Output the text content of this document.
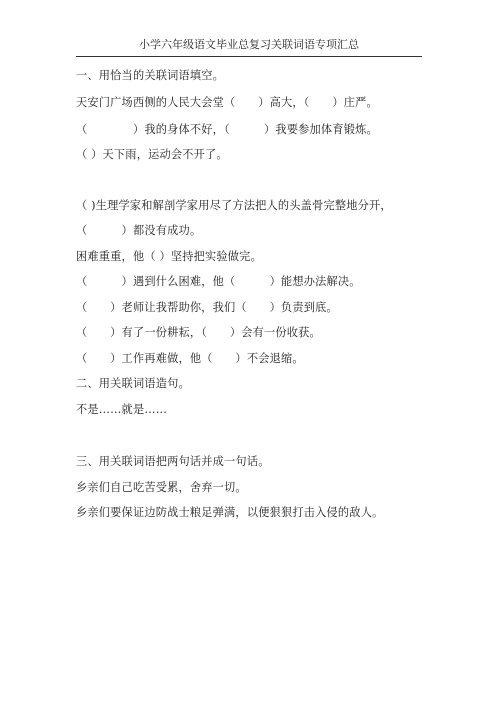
小学六年级语文毕业总复习关联词语专项汇总
一、用恰当的关联词语填空。
天安门广场西侧的人民大会堂（　　）高大，（　　）庄严。
（　　　　）我的身体不好，（　　　）我要参加体育锻炼。
（ ）天下雨，运动会不开了。
（ )生理学家和解剖学家用尽了方法把人的头盖骨完整地分开，
（　　　）都没有成功。
困难重重，他（ ）坚持把实验做完。
（　　　）遇到什么困难，他（　　　）能想办法解决。
（　　）老师让我帮助你，我们（　　）负责到底。
（　　）有了一份耕耘，（　　）会有一份收获。
（　　）工作再难做，他（　　）不会退缩。
二、用关联词语造句。
不是……就是……
三、用关联词语把两句话并成一句话。
乡亲们自己吃苦受累，舍弃一切。
乡亲们要保证边防战士粮足弹满，以便狠狠打击入侵的敌人。
